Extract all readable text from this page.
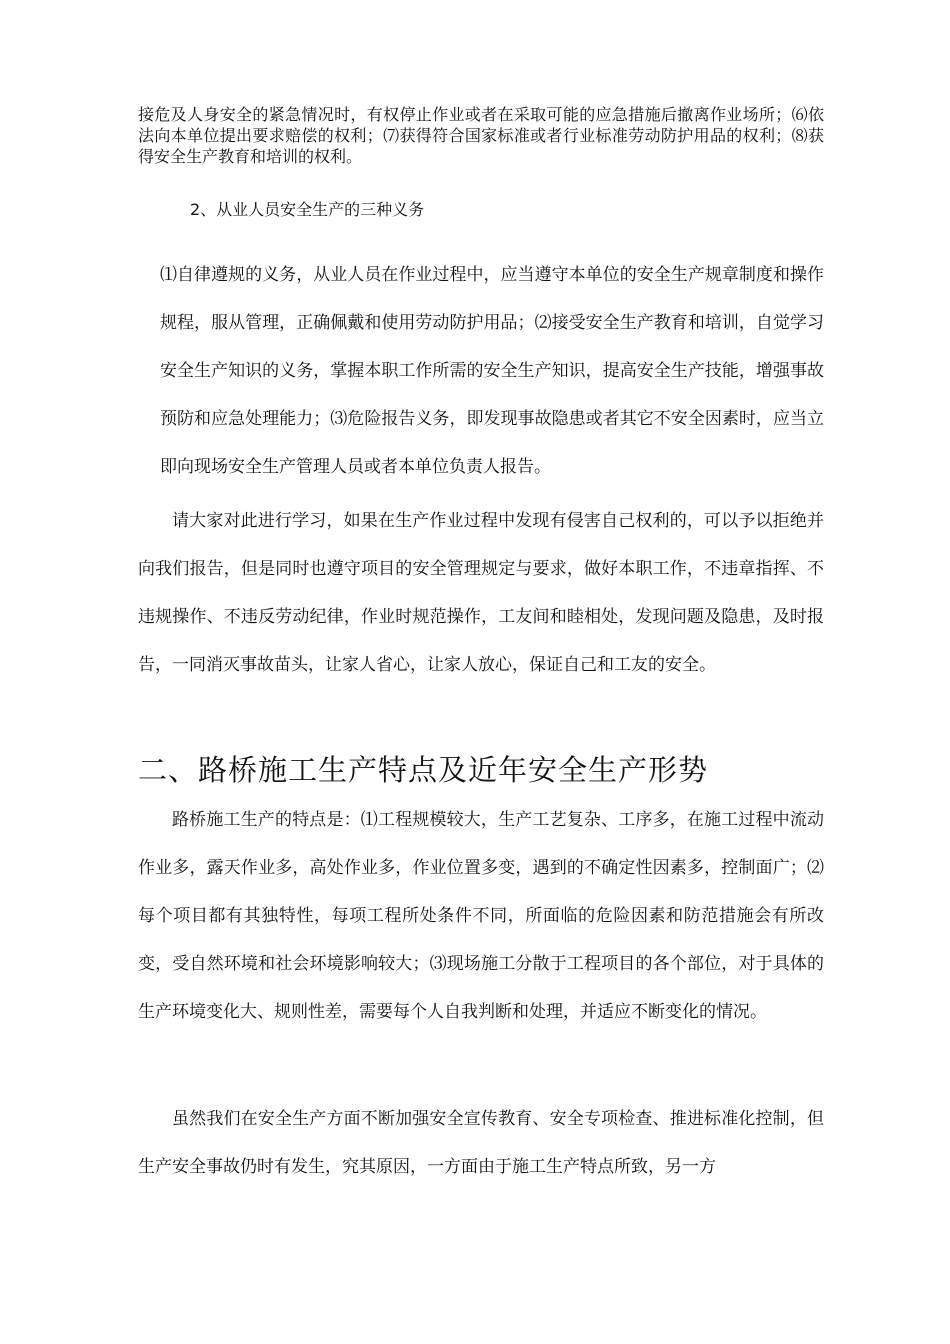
接危及人身安全的紧急情况时，有权停止作业或者在采取可能的应急措施后撤离作业场所；⑹依法向本单位提出要求赔偿的权利；⑺获得符合国家标准或者行业标准劳动防护用品的权利；⑻获得安全生产教育和培训的权利。

2、从业人员安全生产的三种义务

⑴自律遵规的义务，从业人员在作业过程中，应当遵守本单位的安全生产规章制度和操作规程，服从管理，正确佩戴和使用劳动防护用品；⑵接受安全生产教育和培训，自觉学习安全生产知识的义务，掌握本职工作所需的安全生产知识，提高安全生产技能，增强事故预防和应急处理能力；⑶危险报告义务，即发现事故隐患或者其它不安全因素时，应当立即向现场安全生产管理人员或者本单位负责人报告。

请大家对此进行学习，如果在生产作业过程中发现有侵害自己权利的，可以予以拒绝并向我们报告，但是同时也遵守项目的安全管理规定与要求，做好本职工作，不违章指挥、不违规操作、不违反劳动纪律，作业时规范操作，工友间和睦相处，发现问题及隐患，及时报告，一同消灭事故苗头，让家人省心，让家人放心，保证自己和工友的安全。

二、路桥施工生产特点及近年安全生产形势

路桥施工生产的特点是：⑴工程规模较大，生产工艺复杂、工序多，在施工过程中流动作业多，露天作业多，高处作业多，作业位置多变，遇到的不确定性因素多，控制面广；⑵每个项目都有其独特性，每项工程所处条件不同，所面临的危险因素和防范措施会有所改变，受自然环境和社会环境影响较大；⑶现场施工分散于工程项目的各个部位，对于具体的生产环境变化大、规则性差，需要每个人自我判断和处理，并适应不断变化的情况。

虽然我们在安全生产方面不断加强安全宣传教育、安全专项检查、推进标准化控制，但生产安全事故仍时有发生，究其原因，一方面由于施工生产特点所致，另一方
